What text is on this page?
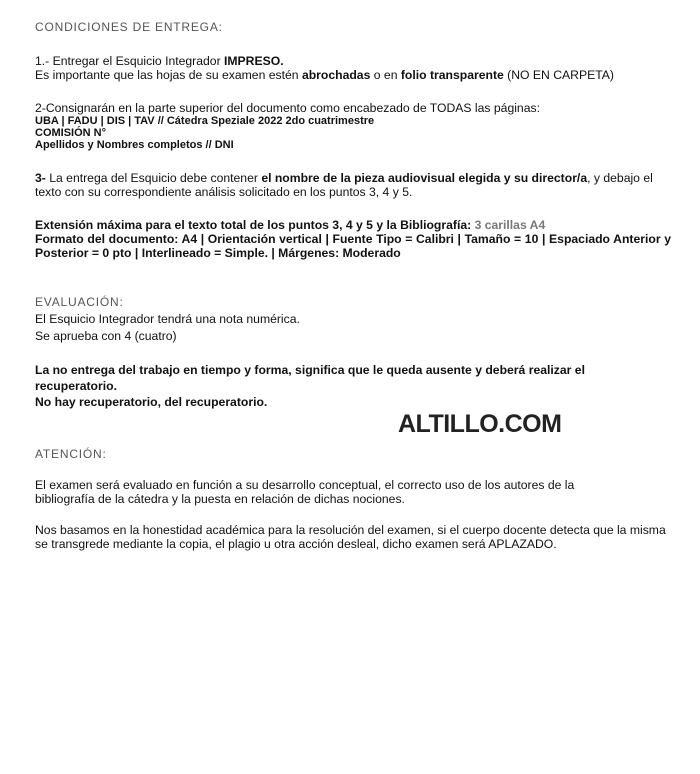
CONDICIONES DE ENTREGA:
1.- Entregar el Esquicio Integrador IMPRESO.
Es importante que las hojas de su examen estén abrochadas o en folio transparente (NO EN CARPETA)
2-Consignarán en la parte superior del documento como encabezado de TODAS las páginas:
UBA | FADU | DIS | TAV // Cátedra Speziale 2022 2do cuatrimestre
COMISIÓN N°
Apellidos y Nombres completos // DNI
3- La entrega del Esquicio debe contener el nombre de la pieza audiovisual elegida y su director/a, y debajo el texto con su correspondiente análisis solicitado en los puntos 3, 4 y 5.
Extensión máxima para el texto total de los puntos 3, 4 y 5 y la Bibliografía: 3 carillas A4
Formato del documento: A4 | Orientación vertical | Fuente Tipo = Calibri | Tamaño = 10 | Espaciado Anterior y Posterior = 0 pto | Interlineado = Simple. | Márgenes: Moderado
EVALUACIÓN:
El Esquicio Integrador tendrá una nota numérica.
Se aprueba con 4 (cuatro)
La no entrega del trabajo en tiempo y forma, significa que le queda ausente y deberá realizar el recuperatorio.
No hay recuperatorio, del recuperatorio.
ALTILLO.COM
ATENCIÓN:
El examen será evaluado en función a su desarrollo conceptual, el correcto uso de los autores de la bibliografía de la cátedra y la puesta en relación de dichas nociones.
Nos basamos en la honestidad académica para la resolución del examen, si el cuerpo docente detecta que la misma se transgrede mediante la copia, el plagio u otra acción desleal, dicho examen será APLAZADO.
